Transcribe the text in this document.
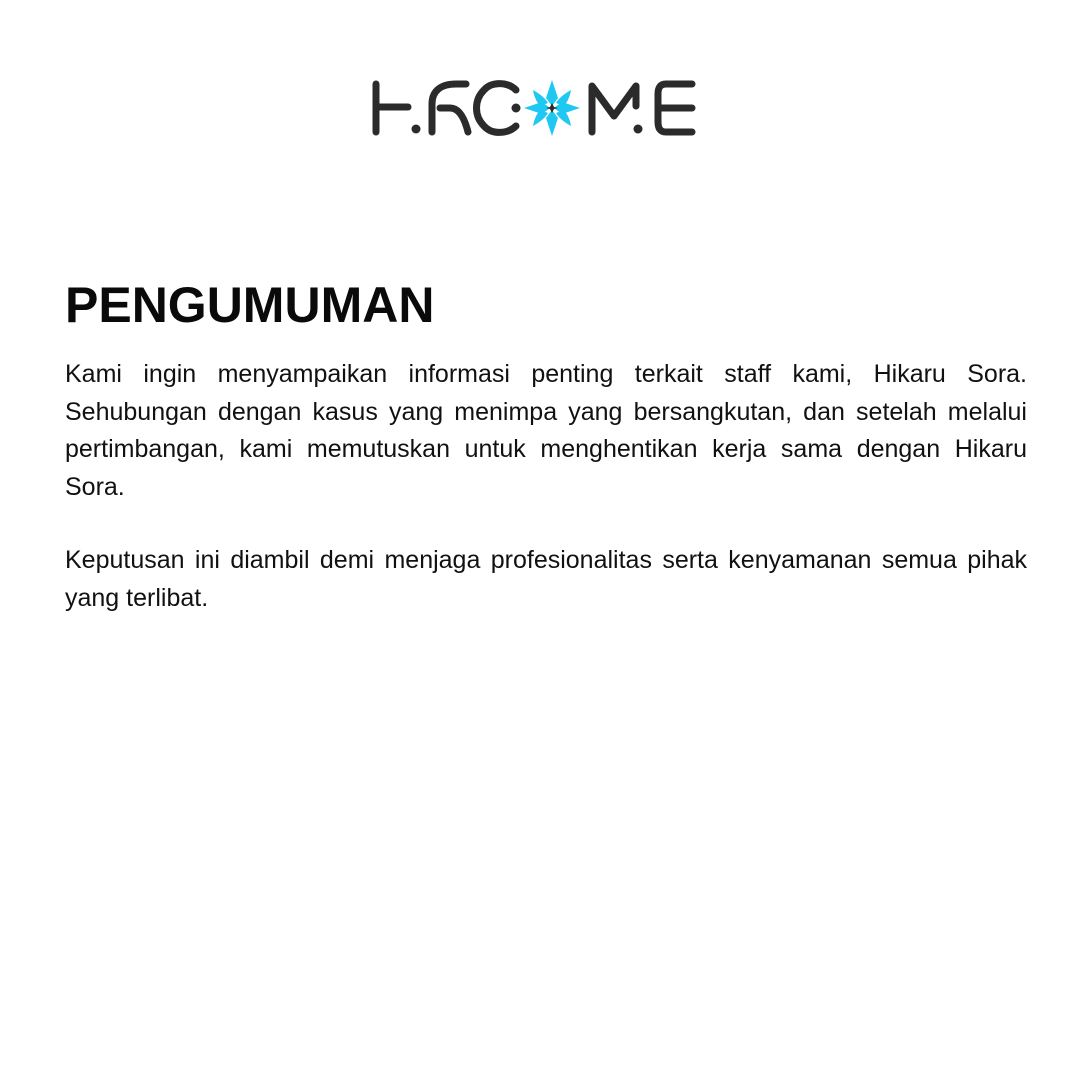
PENGUMUMAN

Kami ingin menyampaikan informasi penting terkait staff kami, Hikaru Sora. Sehubungan dengan kasus yang menimpa yang bersangkutan, dan setelah melalui pertimbangan, kami memutuskan untuk menghentikan kerja sama dengan Hikaru Sora.

Keputusan ini diambil demi menjaga profesionalitas serta kenyamanan semua pihak yang terlibat.
